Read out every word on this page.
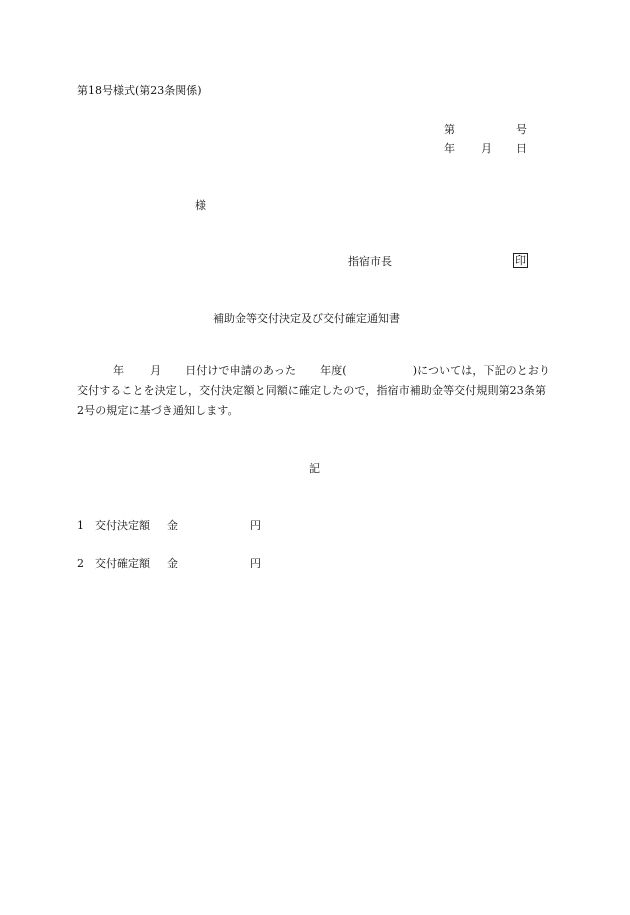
第18号様式(第23条関係)
第	号
年 月 日
様
指宿市長	印
補助金等交付決定及び交付確定通知書
年 月 日付けで申請のあった 年度(	)については，下記のとおり交付することを決定し，交付決定額と同額に確定したので，指宿市補助金等交付規則第23条第2号の規定に基づき通知します。
記
1 交付決定額 金	円
2 交付確定額 金	円
